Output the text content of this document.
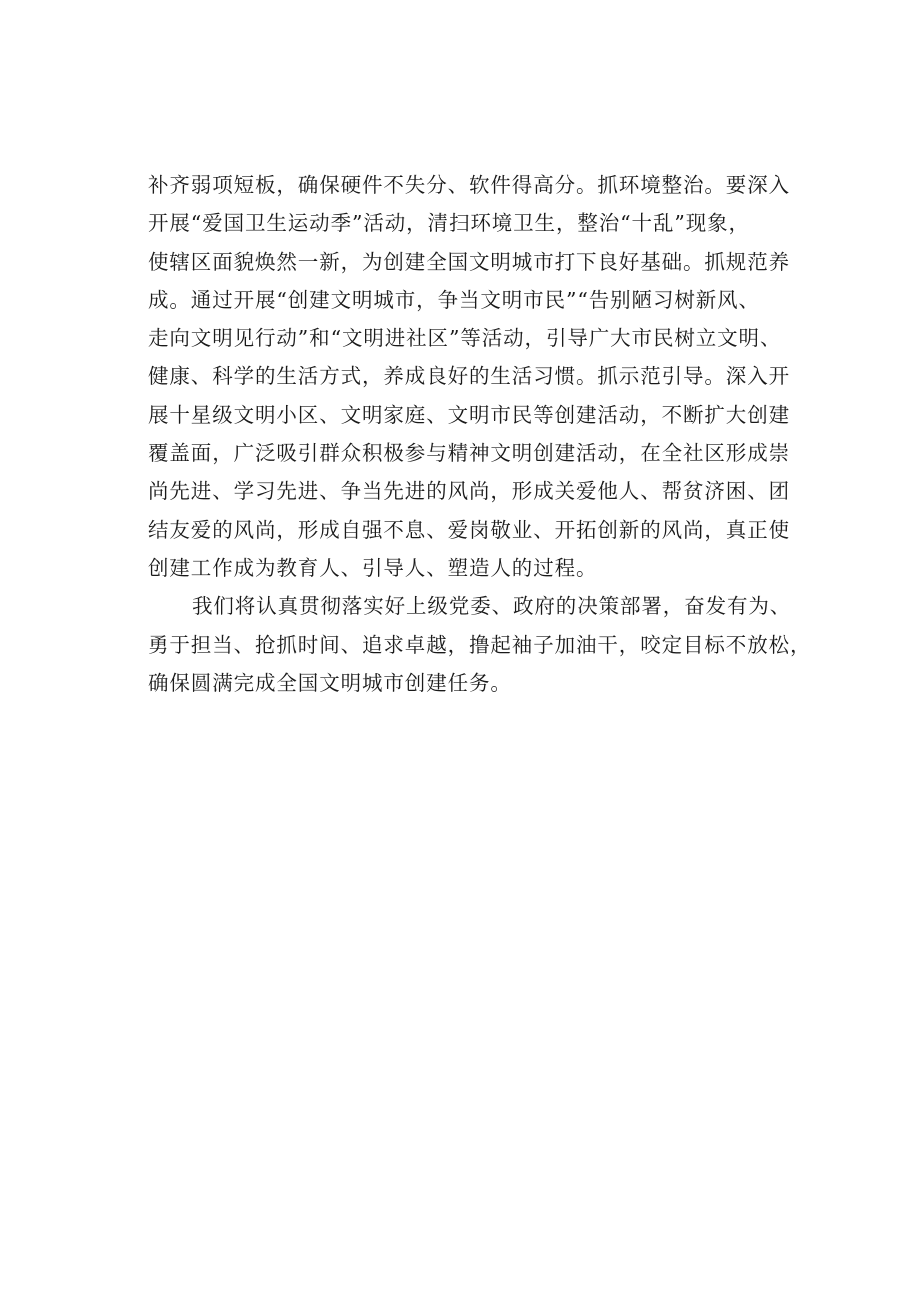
补齐弱项短板，确保硬件不失分、软件得高分。抓环境整治。要深入
开展“爱国卫生运动季”活动，清扫环境卫生，整治“十乱”现象，
使辖区面貌焕然一新，为创建全国文明城市打下良好基础。抓规范养
成。通过开展“创建文明城市，争当文明市民”“告别陋习树新风、
走向文明见行动”和“文明进社区”等活动，引导广大市民树立文明、
健康、科学的生活方式，养成良好的生活习惯。抓示范引导。深入开
展十星级文明小区、文明家庭、文明市民等创建活动，不断扩大创建
覆盖面，广泛吸引群众积极参与精神文明创建活动，在全社区形成崇
尚先进、学习先进、争当先进的风尚，形成关爱他人、帮贫济困、团
结友爱的风尚，形成自强不息、爱岗敬业、开拓创新的风尚，真正使
创建工作成为教育人、引导人、塑造人的过程。
我们将认真贯彻落实好上级党委、政府的决策部署，奋发有为、
勇于担当、抢抓时间、追求卓越，撸起袖子加油干，咬定目标不放松，
确保圆满完成全国文明城市创建任务。
